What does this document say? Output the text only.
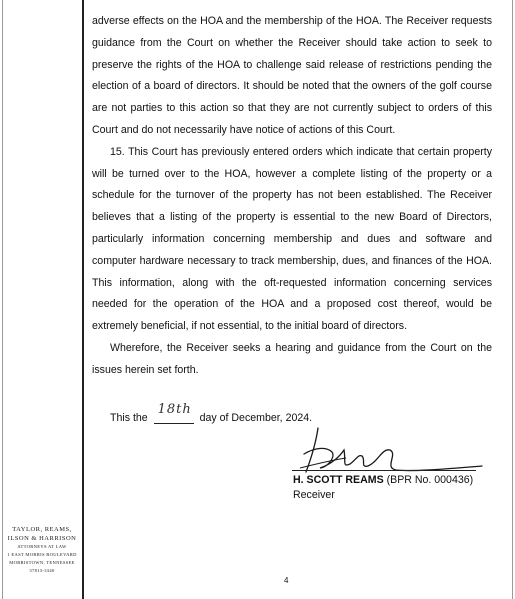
adverse effects on the HOA and the membership of the HOA. The Receiver requests guidance from the Court on whether the Receiver should take action to seek to preserve the rights of the HOA to challenge said release of restrictions pending the election of a board of directors. It should be noted that the owners of the golf course are not parties to this action so that they are not currently subject to orders of this Court and do not necessarily have notice of actions of this Court.

15. This Court has previously entered orders which indicate that certain property will be turned over to the HOA, however a complete listing of the property or a schedule for the turnover of the property has not been established. The Receiver believes that a listing of the property is essential to the new Board of Directors, particularly information concerning membership and dues and software and computer hardware necessary to track membership, dues, and finances of the HOA. This information, along with the oft-requested information concerning services needed for the operation of the HOA and a proposed cost thereof, would be extremely beneficial, if not essential, to the initial board of directors.

Wherefore, the Receiver seeks a hearing and guidance from the Court on the issues herein set forth.

This the
18th
day of December, 2024.
H. SCOTT REAMS (BPR No. 000436)
Receiver
TAYLOR, REAMS,
ILSON & HARRISON
ATTORNEYS AT LAW
1 EAST MORRIS BOULEVARD
MORRISTOWN, TENNESSEE
37813-3340
4
